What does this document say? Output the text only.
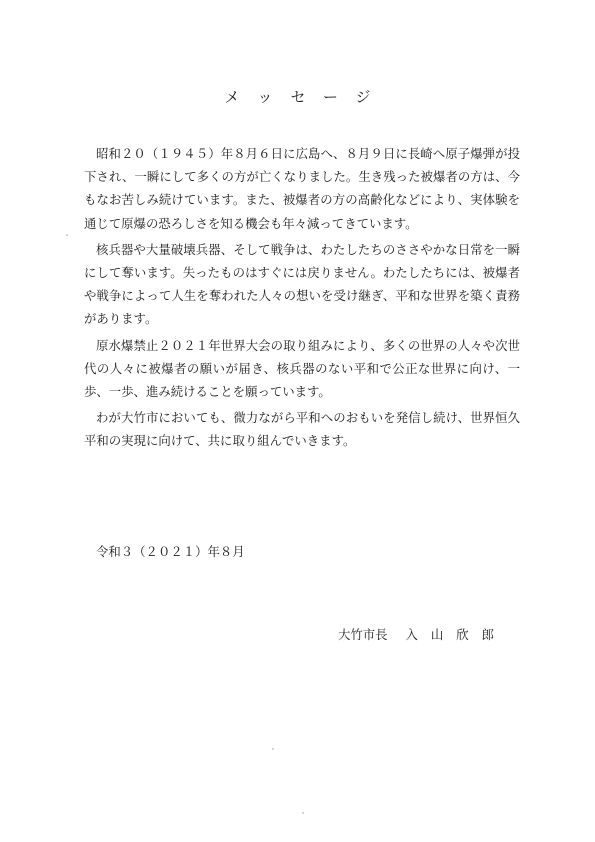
メッセージ

昭和２０（１９４５）年８月６日に広島へ、８月９日に長崎へ原子爆弾が投下され、一瞬にして多くの方が亡くなりました。生き残った被爆者の方は、今もなお苦しみ続けています。また、被爆者の方の高齢化などにより、実体験を通じて原爆の恐ろしさを知る機会も年々減ってきています。

核兵器や大量破壊兵器、そして戦争は、わたしたちのささやかな日常を一瞬にして奪います。失ったものはすぐには戻りません。わたしたちには、被爆者や戦争によって人生を奪われた人々の想いを受け継ぎ、平和な世界を築く責務があります。

原水爆禁止２０２１年世界大会の取り組みにより、多くの世界の人々や次世代の人々に被爆者の願いが届き、核兵器のない平和で公正な世界に向け、一歩、一歩、進み続けることを願っています。

わが大竹市においても、微力ながら平和へのおもいを発信し続け、世界恒久平和の実現に向けて、共に取り組んでいきます。

令和３（２０２１）年８月
大竹市長 入山欣郎
